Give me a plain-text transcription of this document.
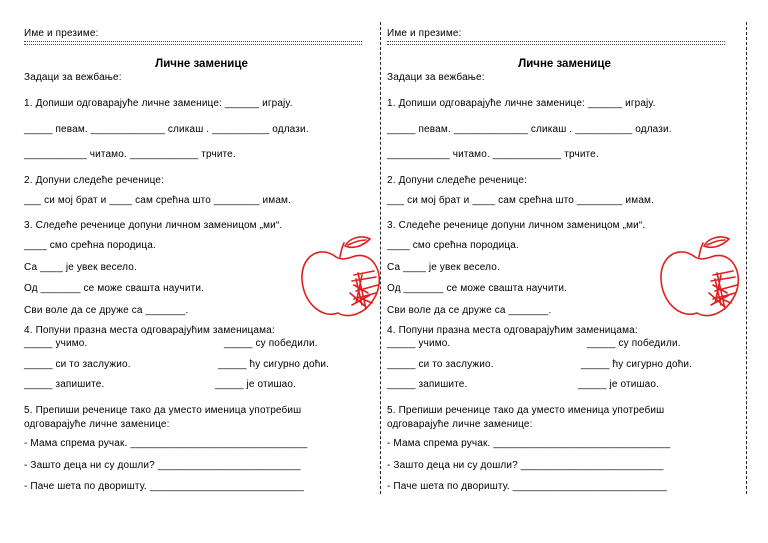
Име и презиме:
Личне заменице
Задаци за вежбање:
1. Допиши одговарајуће личне заменице: ______ играју.
_____ певам. _____________ сликаш . __________ одлази.
___________ читамо. ____________ трчите.
2. Допуни следеће реченице:
___ си мој брат и ____ сам срећна што ________ имам.
3. Следеће реченице допуни личном заменицом „ми“.
____ смо срећна породица.
Са ____ је увек весело.
Од _______ се може свашта научити.
Сви воле да се друже са _______.
4. Попуни празна места одговарајућим заменицама:
_____ учимо.	_____ су победили.
_____ си то заслужио.	_____ ћу сигурно доћи.
_____ запишите.	_____ је отишао.
5. Препиши реченице тако да уместо именица употребиш
одговарајуће личне заменице:
- Мама спрема ручак. _______________________________
- Зашто деца ни су дошли? _________________________
- Паче шета по дворишту. ___________________________
Име и презиме:
Личне заменице
Задаци за вежбање:
1. Допиши одговарајуће личне заменице: ______ играју.
_____ певам. _____________ сликаш . __________ одлази.
___________ читамо. ____________ трчите.
2. Допуни следеће реченице:
___ си мој брат и ____ сам срећна што ________ имам.
3. Следеће реченице допуни личном заменицом „ми“.
____ смо срећна породица.
Са ____ је увек весело.
Од _______ се може свашта научити.
Сви воле да се друже са _______.
4. Попуни празна места одговарајућим заменицама:
_____ учимо.	_____ су победили.
_____ си то заслужио.	_____ ћу сигурно доћи.
_____ запишите.	_____ је отишао.
5. Препиши реченице тако да уместо именица употребиш
одговарајуће личне заменице:
- Мама спрема ручак. _______________________________
- Зашто деца ни су дошли? _________________________
- Паче шета по дворишту. ___________________________
